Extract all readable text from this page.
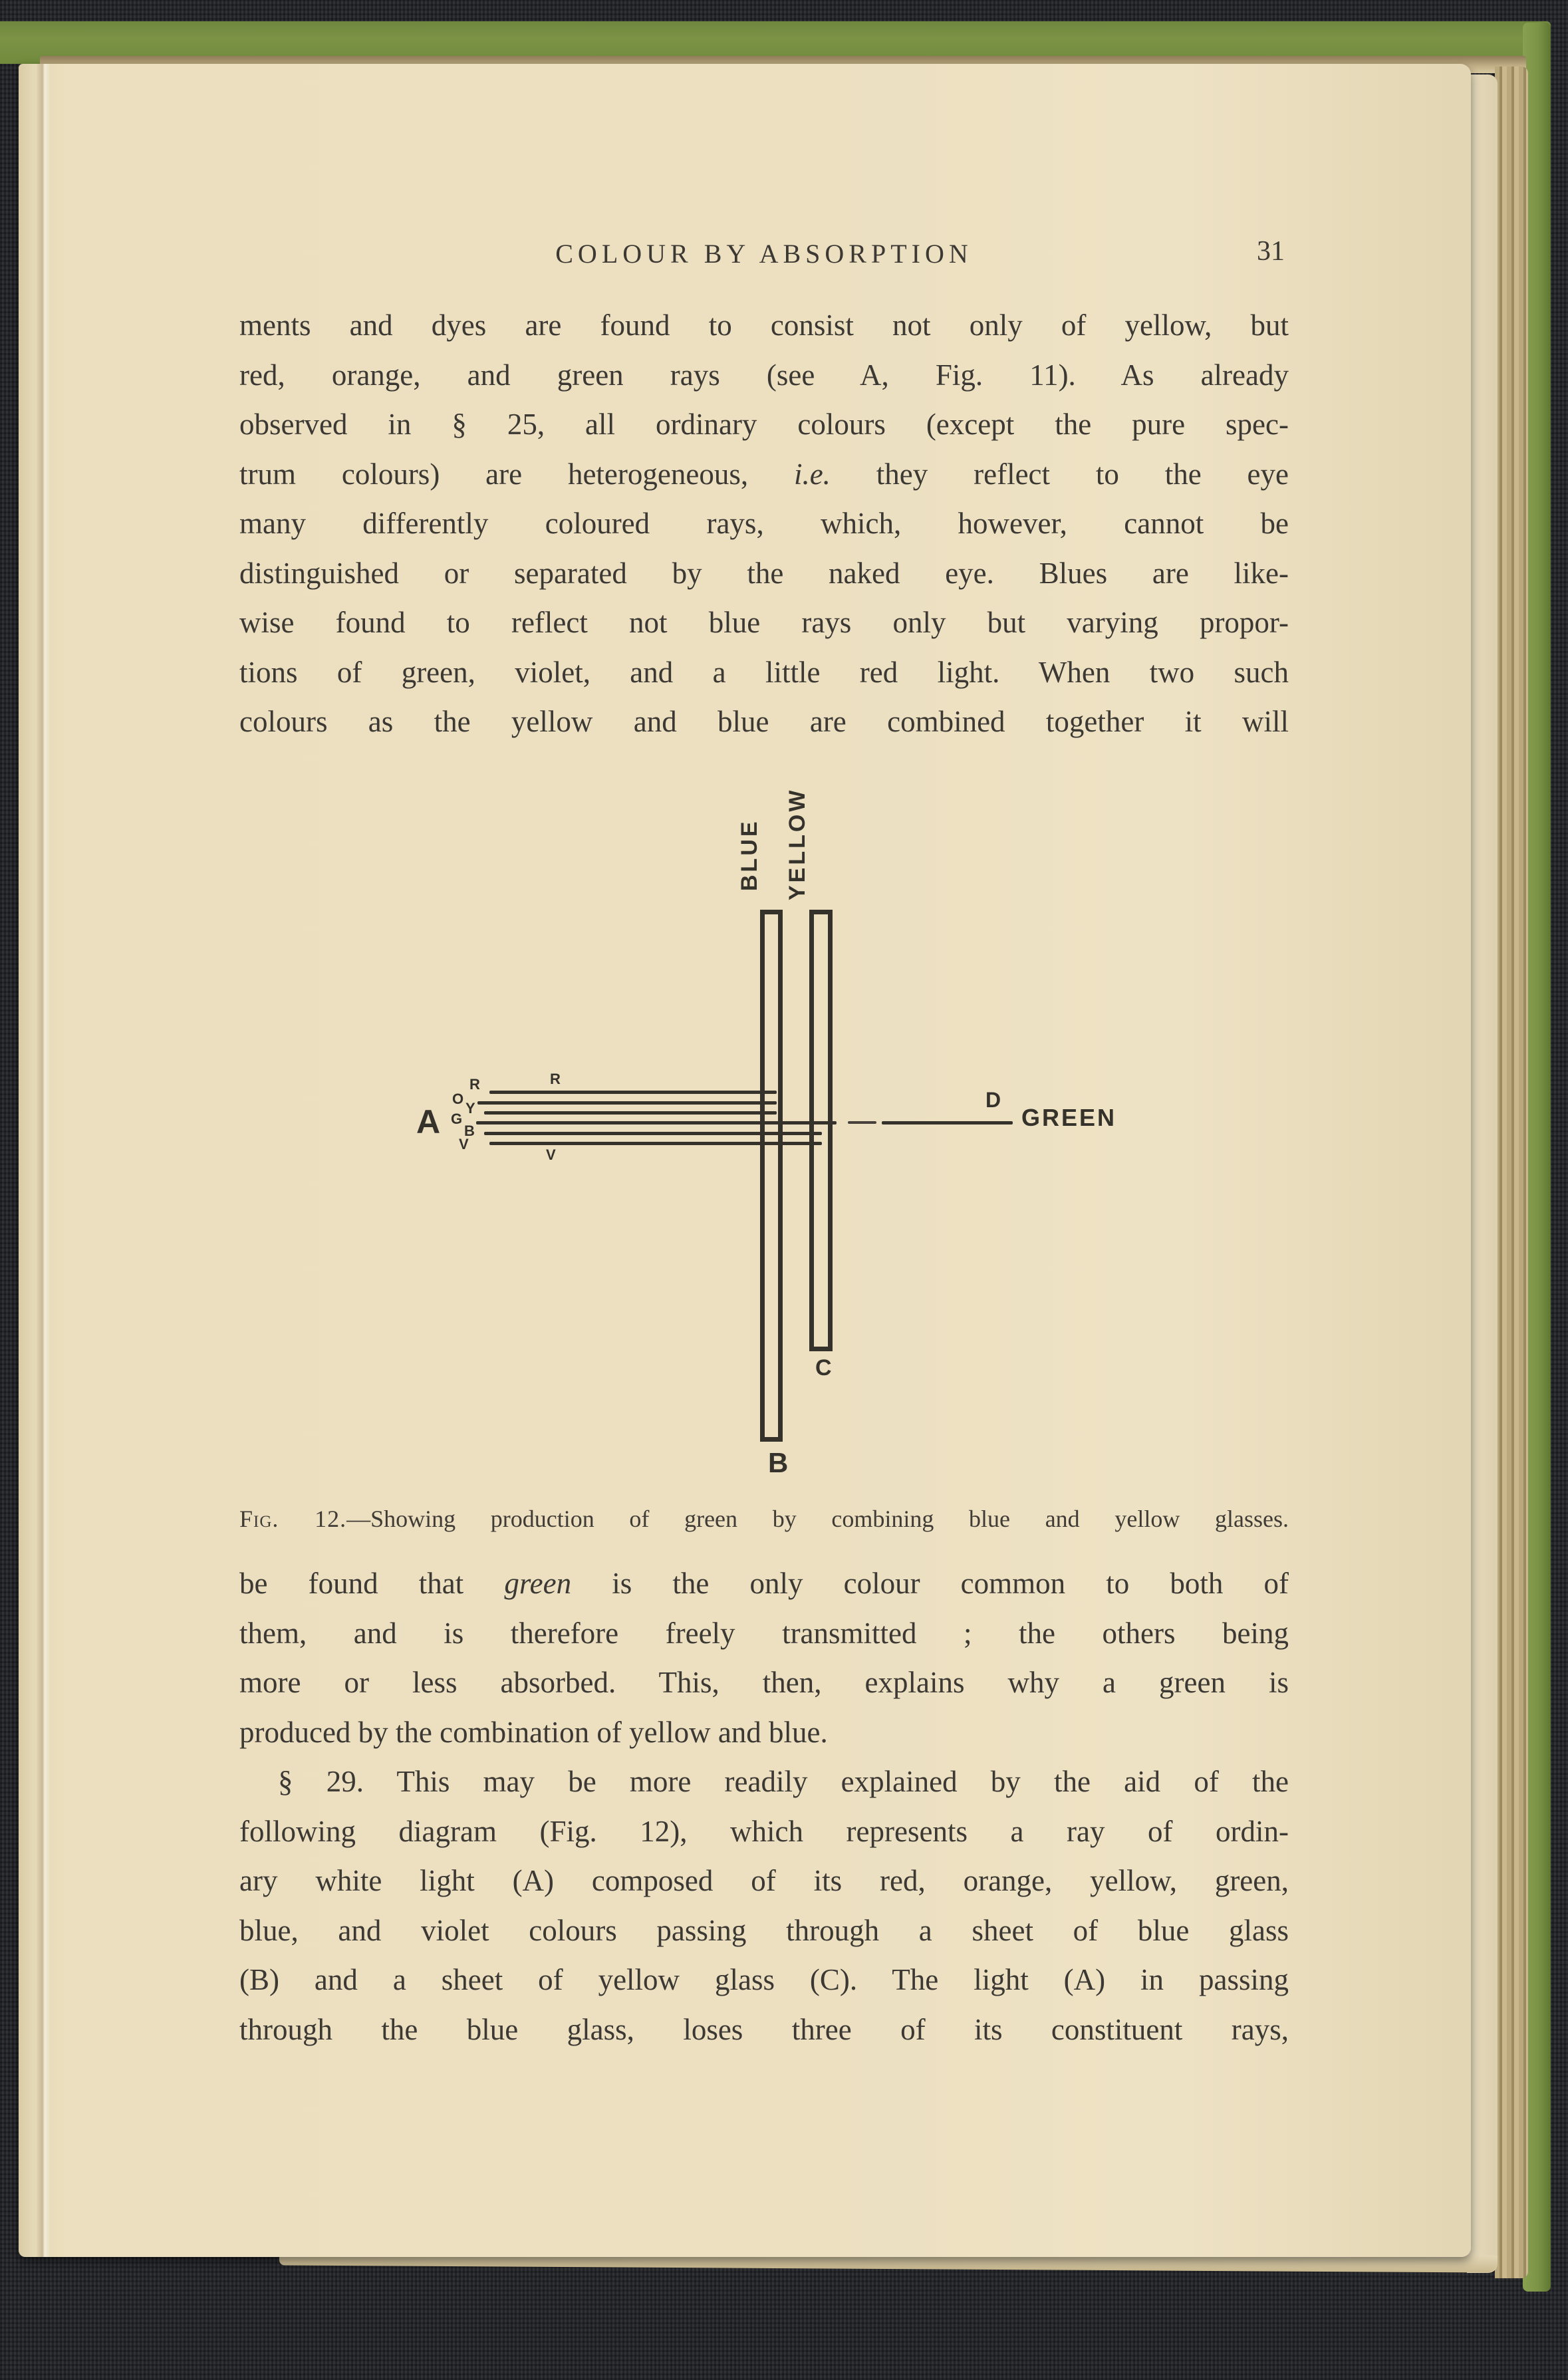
COLOUR BY ABSORPTION	31
ments and dyes are found to consist not only of yellow, but
red, orange, and green rays (see A, Fig. 11). As already
observed in § 25, all ordinary colours (except the pure spec-
trum colours) are heterogeneous, i.e. they reflect to the eye
many differently coloured rays, which, however, cannot be
distinguished or separated by the naked eye. Blues are like-
wise found to reflect not blue rays only but varying propor-
tions of green, violet, and a little red light. When two such
colours as the yellow and blue are combined together it will
BLUE YELLOW
R
O
Y
G
B
V
R
V
A
B
C
D
GREEN
Fig. 12.—Showing production of green by combining blue and yellow glasses.
be found that green is the only colour common to both of
them, and is therefore freely transmitted ; the others being
more or less absorbed. This, then, explains why a green is
produced by the combination of yellow and blue.
§ 29. This may be more readily explained by the aid of the
following diagram (Fig. 12), which represents a ray of ordin-
ary white light (A) composed of its red, orange, yellow, green,
blue, and violet colours passing through a sheet of blue glass
(B) and a sheet of yellow glass (C). The light (A) in passing
through the blue glass, loses three of its constituent rays,
